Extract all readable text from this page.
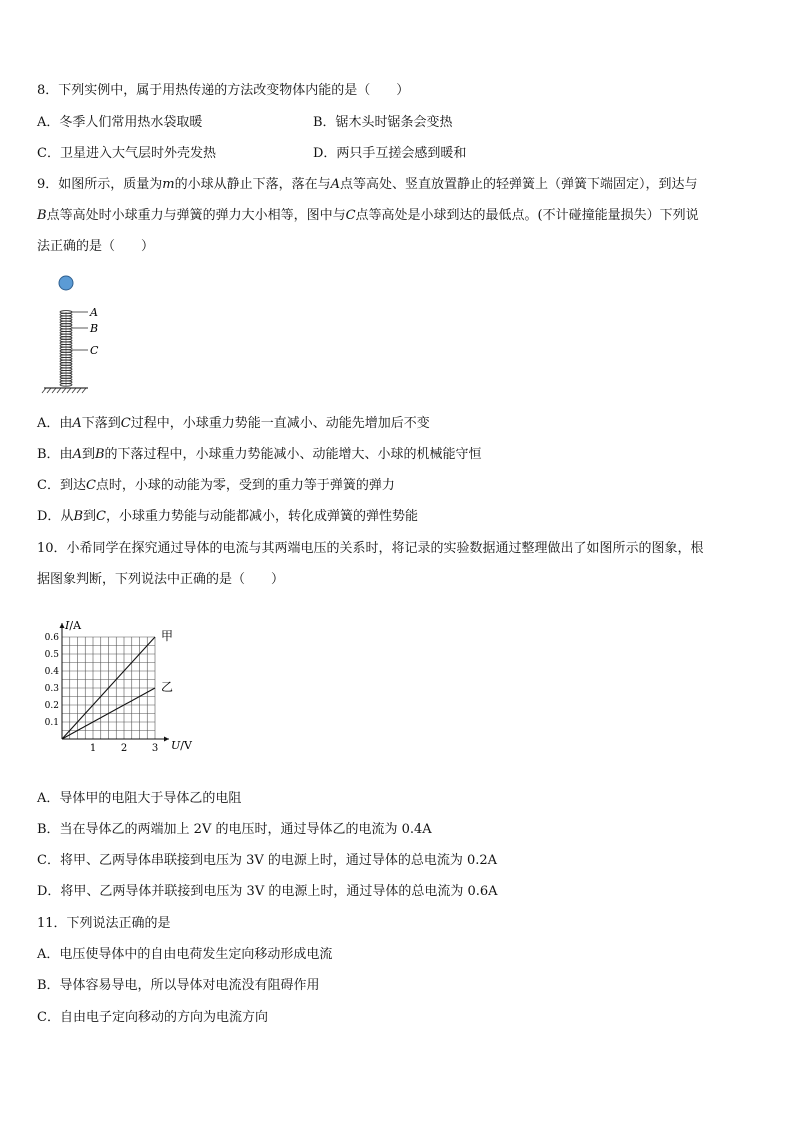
8．下列实例中，属于用热传递的方法改变物体内能的是（　　）
A．冬季人们常用热水袋取暖	B．锯木头时锯条会变热
C．卫星进入大气层时外壳发热	D．两只手互搓会感到暖和
9．如图所示，质量为m的小球从静止下落，落在与A点等高处、竖直放置静止的轻弹簧上（弹簧下端固定），到达与
B点等高处时小球重力与弹簧的弹力大小相等，图中与C点等高处是小球到达的最低点。(不计碰撞能量损失）下列说
法正确的是（　　）
A
B
C
A．由A下落到C过程中，小球重力势能一直减小、动能先增加后不变
B．由A到B的下落过程中，小球重力势能减小、动能增大、小球的机械能守恒
C．到达C点时，小球的动能为零，受到的重力等于弹簧的弹力
D．从B到C，小球重力势能与动能都减小，转化成弹簧的弹性势能
10．小希同学在探究通过导体的电流与其两端电压的关系时，将记录的实验数据通过整理做出了如图所示的图象，根
据图象判断，下列说法中正确的是（　　）
0.1
0.2
0.3
0.4
0.5
0.6
1 2 3
I/A
U/V
甲
乙
A．导体甲的电阻大于导体乙的电阻
B．当在导体乙的两端加上 2V 的电压时，通过导体乙的电流为 0.4A
C．将甲、乙两导体串联接到电压为 3V 的电源上时，通过导体的总电流为 0.2A
D．将甲、乙两导体并联接到电压为 3V 的电源上时，通过导体的总电流为 0.6A
11．下列说法正确的是
A．电压使导体中的自由电荷发生定向移动形成电流
B．导体容易导电，所以导体对电流没有阻碍作用
C．自由电子定向移动的方向为电流方向
